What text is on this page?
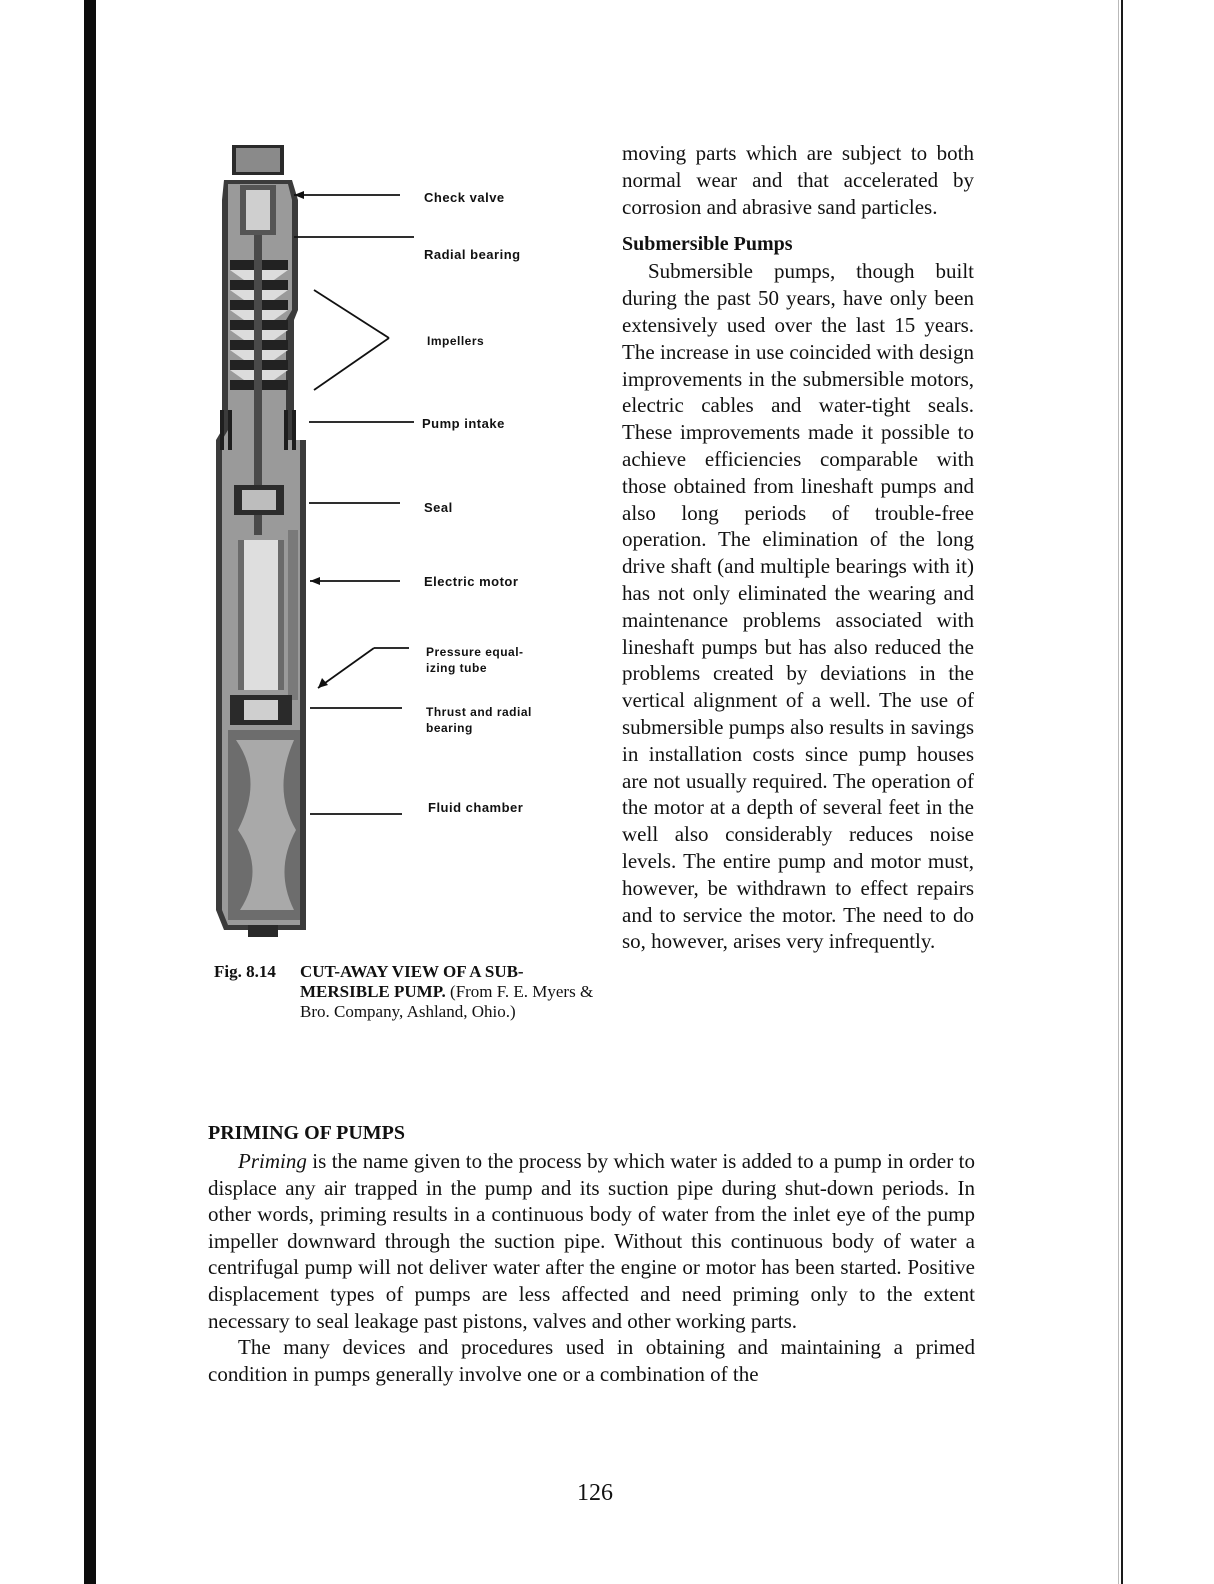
Check valve
Radial bearing
Impellers
Pump intake
Seal
Electric motor
Pressure equal- izing tube
Thrust and radial bearing
Fluid chamber
Fig. 8.14 CUT-AWAY VIEW OF A SUB-MERSIBLE PUMP. (From F. E. Myers & Bro. Company, Ashland, Ohio.)

moving parts which are subject to both normal wear and that accelerated by corrosion and abrasive sand particles.

Submersible Pumps

Submersible pumps, though built during the past 50 years, have only been extensively used over the last 15 years. The increase in use coincided with design improvements in the submersible motors, electric cables and water-tight seals. These improvements made it possible to achieve efficiencies comparable with those obtained from lineshaft pumps and also long periods of trouble-free operation. The elimination of the long drive shaft (and multiple bearings with it) has not only eliminated the wearing and maintenance problems associated with lineshaft pumps but has also reduced the problems created by deviations in the vertical alignment of a well. The use of submersible pumps also results in savings in installation costs since pump houses are not usually required. The operation of the motor at a depth of several feet in the well also considerably reduces noise levels. The entire pump and motor must, however, be withdrawn to effect repairs and to service the motor. The need to do so, however, arises very infrequently.

PRIMING OF PUMPS

Priming is the name given to the process by which water is added to a pump in order to displace any air trapped in the pump and its suction pipe during shut-down periods. In other words, priming results in a continuous body of water from the inlet eye of the pump impeller downward through the suction pipe. Without this continuous body of water a centrifugal pump will not deliver water after the engine or motor has been started. Positive displacement types of pumps are less affected and need priming only to the extent necessary to seal leakage past pistons, valves and other working parts.

The many devices and procedures used in obtaining and maintaining a primed condition in pumps generally involve one or a combination of the

126
